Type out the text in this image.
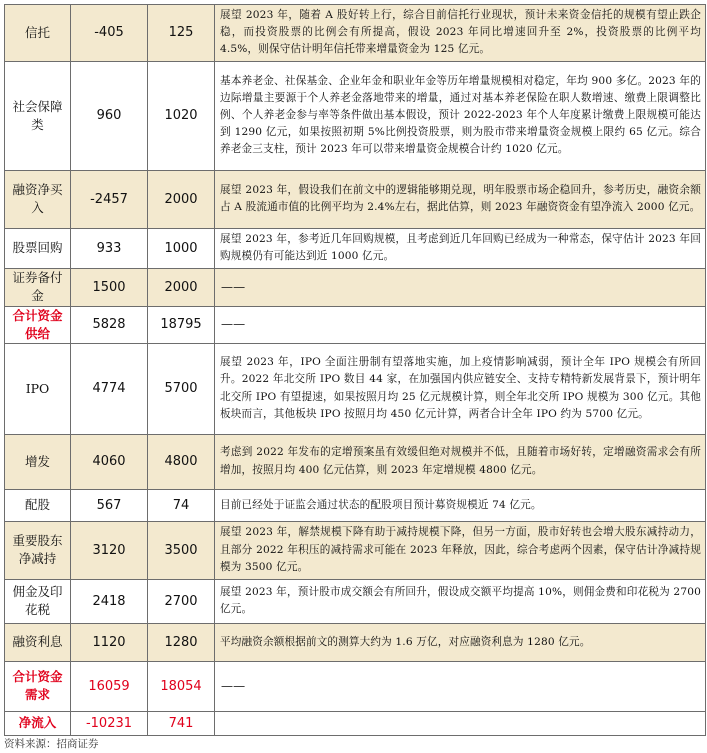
信托	-405	125	展望 2023 年，随着 A 股好转上行，综合目前信托行业现状，预计未来资金信托的规模有望止跌企稳，而投资股票的比例会有所提高，假设 2023 年同比增速回升至 2%，投资股票的比例平均 4.5%，则保守估计明年信托带来增量资金为 125 亿元。
社会保障类	960	1020	基本养老金、社保基金、企业年金和职业年金等历年增量规模相对稳定，年均 900 多亿。2023 年的边际增量主要源于个人养老金落地带来的增量，通过对基本养老保险在职人数增速、缴费上限调整比例、个人养老金参与率等条件做出基本假设，预计 2022-2023 年个人年度累计缴费上限规模可能达到 1290 亿元，如果按照初期 5%比例投资股票，则为股市带来增量资金规模上限约 65 亿元。综合养老金三支柱，预计 2023 年可以带来增量资金规模合计约 1020 亿元。
融资净买入	-2457	2000	展望 2023 年，假设我们在前文中的逻辑能够期兑现，明年股票市场企稳回升，参考历史，融资余额占 A 股流通市值的比例平均为 2.4%左右，据此估算，则 2023 年融资资金有望净流入 2000 亿元。
股票回购	933	1000	展望 2023 年，参考近几年回购规模，且考虑到近几年回购已经成为一种常态，保守估计 2023 年回购规模仍有可能达到近 1000 亿元。
证券备付金	1500	2000	——
合计资金供给	5828	18795	——
IPO	4774	5700	展望 2023 年，IPO 全面注册制有望落地实施，加上疫情影响减弱，预计全年 IPO 规模会有所回升。2022 年北交所 IPO 数目 44 家，在加强国内供应链安全、支持专精特新发展背景下，预计明年北交所 IPO 有望提速，如果按照月均 25 亿元规模计算，则全年北交所 IPO 规模为 300 亿元。其他板块而言，其他板块 IPO 按照月均 450 亿元计算，两者合计全年 IPO 约为 5700 亿元。
增发	4060	4800	考虑到 2022 年发布的定增预案虽有效缓但绝对规模并不低，且随着市场好转，定增融资需求会有所增加，按照月均 400 亿元估算，则 2023 年定增规模 4800 亿元。
配股	567	74	目前已经处于证监会通过状态的配股项目预计募资规模近 74 亿元。
重要股东净减持	3120	3500	展望 2023 年，解禁规模下降有助于减持规模下降，但另一方面，股市好转也会增大股东减持动力，且部分 2022 年积压的减持需求可能在 2023 年释放，因此，综合考虑两个因素，保守估计净减持规模为 3500 亿元。
佣金及印花税	2418	2700	展望 2023 年，预计股市成交额会有所回升，假设成交额平均提高 10%，则佣金费和印花税为 2700 亿元。
融资利息	1120	1280	平均融资余额根据前文的测算大约为 1.6 万亿，对应融资利息为 1280 亿元。
合计资金需求	16059	18054	——
净流入	-10231	741	
资料来源：招商证券
